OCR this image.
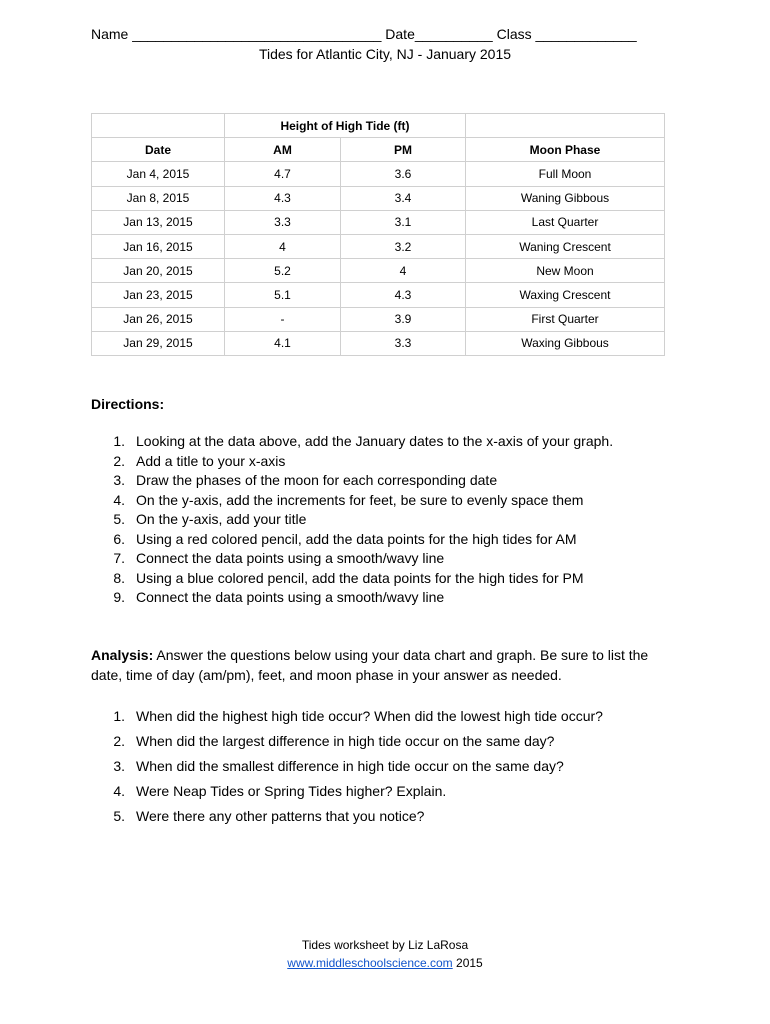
Name ________________________________ Date__________ Class _____________
Tides for Atlantic City, NJ - January 2015
	Height of High Tide (ft)		
Date	AM	PM	Moon Phase
Jan 4, 2015	4.7	3.6	Full Moon
Jan 8, 2015	4.3	3.4	Waning Gibbous
Jan 13, 2015	3.3	3.1	Last Quarter
Jan 16, 2015	4	3.2	Waning Crescent
Jan 20, 2015	5.2	4	New Moon
Jan 23, 2015	5.1	4.3	Waxing Crescent
Jan 26, 2015	-	3.9	First Quarter
Jan 29, 2015	4.1	3.3	Waxing Gibbous
Directions:
1. Looking at the data above, add the January dates to the x-axis of your graph.
2. Add a title to your x-axis
3. Draw the phases of the moon for each corresponding date
4. On the y-axis, add the increments for feet, be sure to evenly space them
5. On the y-axis, add your title
6. Using a red colored pencil, add the data points for the high tides for AM
7. Connect the data points using a smooth/wavy line
8. Using a blue colored pencil, add the data points for the high tides for PM
9. Connect the data points using a smooth/wavy line
Analysis: Answer the questions below using your data chart and graph. Be sure to list the date, time of day (am/pm), feet, and moon phase in your answer as needed.
1. When did the highest high tide occur? When did the lowest high tide occur?
2. When did the largest difference in high tide occur on the same day?
3. When did the smallest difference in high tide occur on the same day?
4. Were Neap Tides or Spring Tides higher? Explain.
5. Were there any other patterns that you notice?
Tides worksheet by Liz LaRosa
www.middleschoolscience.com 2015
